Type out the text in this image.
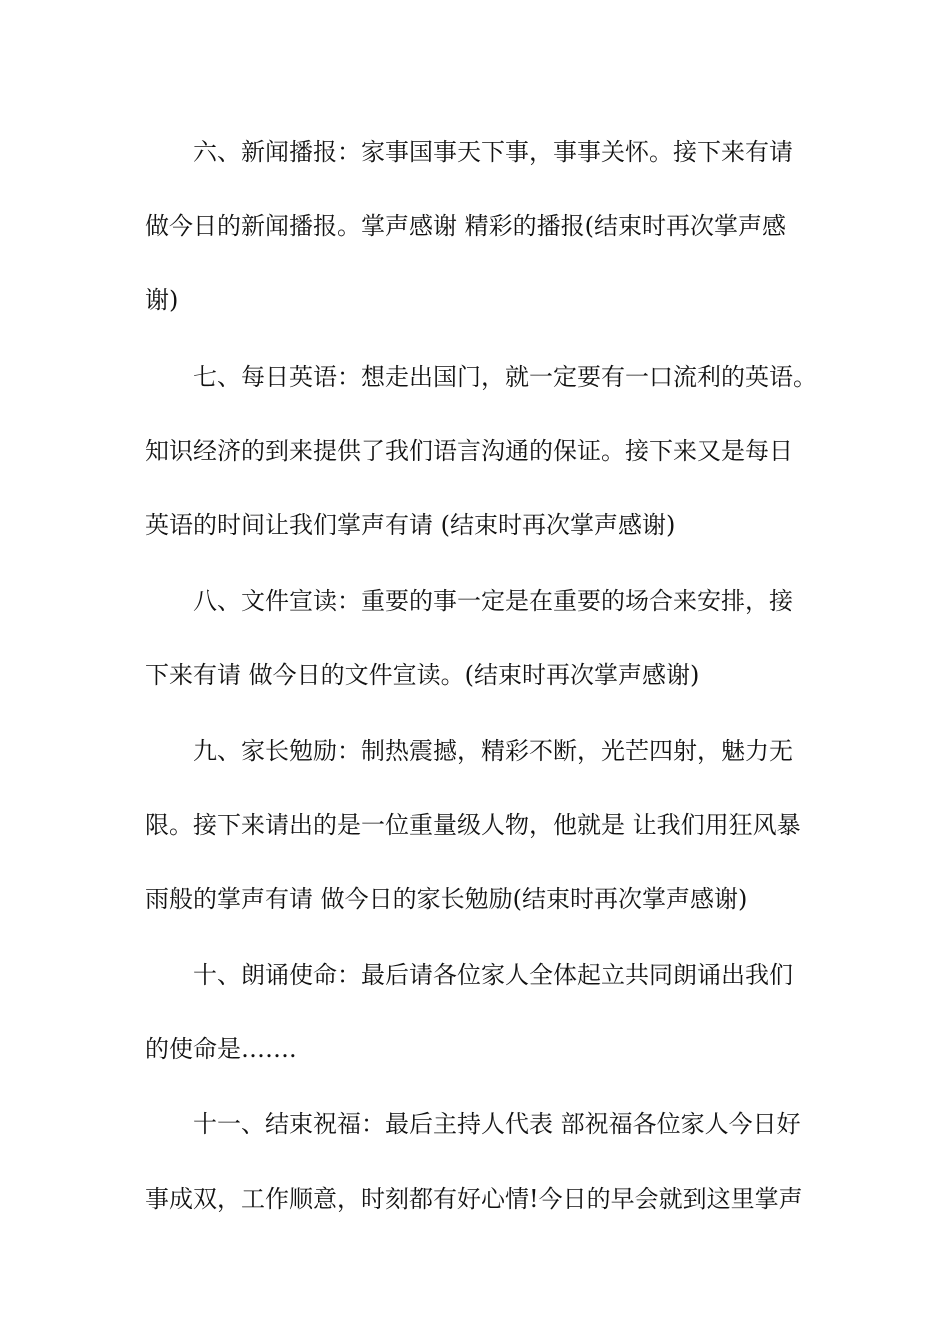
六、新闻播报：家事国事天下事，事事关怀。接下来有请
做今日的新闻播报。掌声感谢 精彩的播报(结束时再次掌声感
谢)
七、每日英语：想走出国门，就一定要有一口流利的英语。
知识经济的到来提供了我们语言沟通的保证。接下来又是每日
英语的时间让我们掌声有请 (结束时再次掌声感谢)
八、文件宣读：重要的事一定是在重要的场合来安排，接
下来有请 做今日的文件宣读。(结束时再次掌声感谢)
九、家长勉励：制热震撼，精彩不断，光芒四射，魅力无
限。接下来请出的是一位重量级人物，他就是 让我们用狂风暴
雨般的掌声有请 做今日的家长勉励(结束时再次掌声感谢)
十、朗诵使命：最后请各位家人全体起立共同朗诵出我们
的使命是…….
十一、结束祝福：最后主持人代表 部祝福各位家人今日好
事成双，工作顺意，时刻都有好心情!今日的早会就到这里掌声
